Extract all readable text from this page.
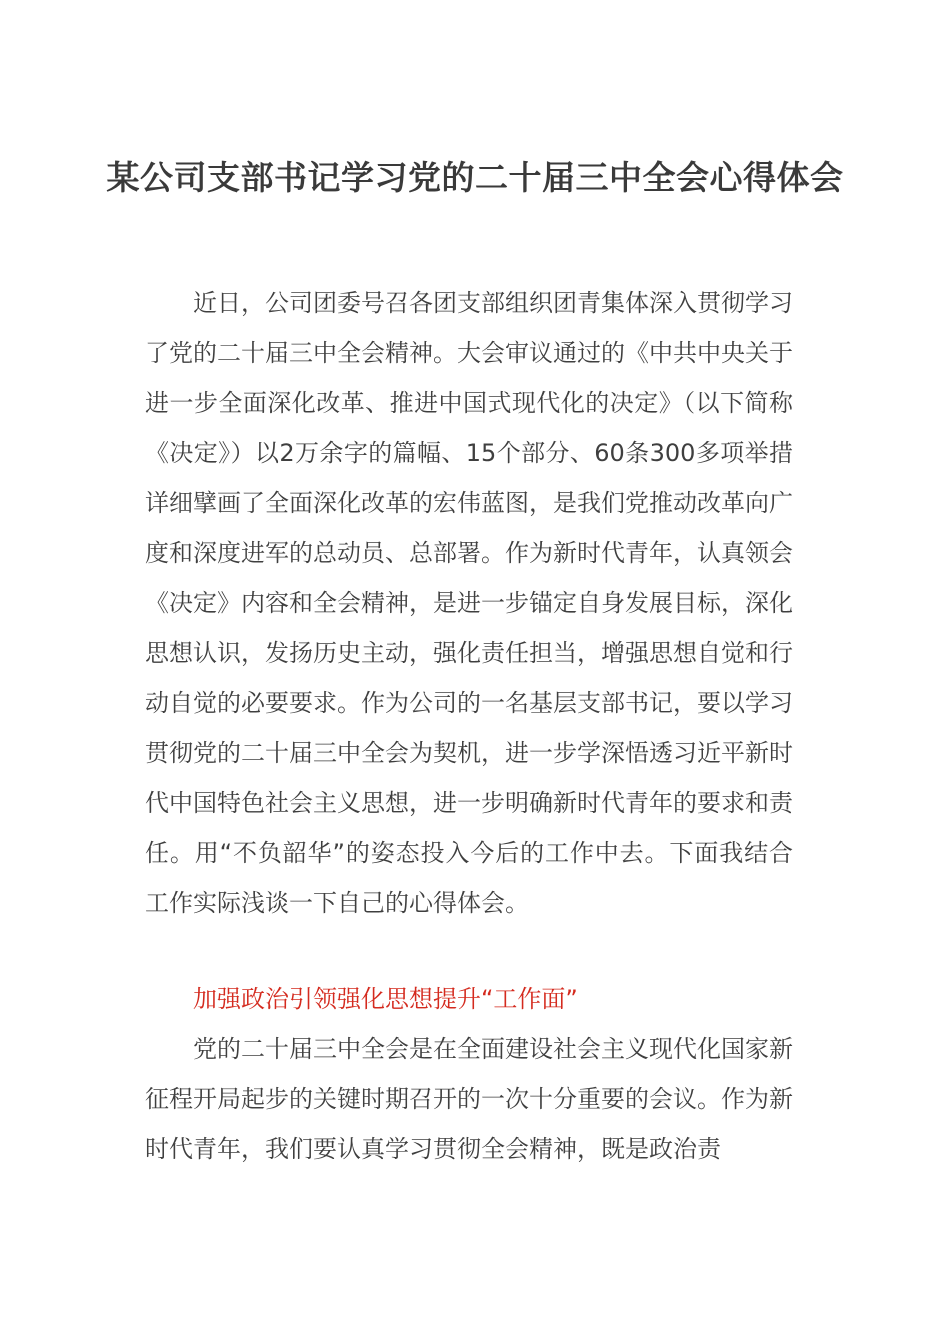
某公司支部书记学习党的二十届三中全会心得体会

近日，公司团委号召各团支部组织团青集体深入贯彻学习了党的二十届三中全会精神。大会审议通过的《中共中央关于进一步全面深化改革、推进中国式现代化的决定》（以下简称《决定》）以2万余字的篇幅、15个部分、60条300多项举措详细擘画了全面深化改革的宏伟蓝图，是我们党推动改革向广度和深度进军的总动员、总部署。作为新时代青年，认真领会《决定》内容和全会精神，是进一步锚定自身发展目标，深化思想认识，发扬历史主动，强化责任担当，增强思想自觉和行动自觉的必要要求。作为公司的一名基层支部书记，要以学习贯彻党的二十届三中全会为契机，进一步学深悟透习近平新时代中国特色社会主义思想，进一步明确新时代青年的要求和责任。用“不负韶华”的姿态投入今后的工作中去。下面我结合工作实际浅谈一下自己的心得体会。

加强政治引领强化思想提升“工作面”

党的二十届三中全会是在全面建设社会主义现代化国家新征程开局起步的关键时期召开的一次十分重要的会议。作为新时代青年，我们要认真学习贯彻全会精神，既是政治责
